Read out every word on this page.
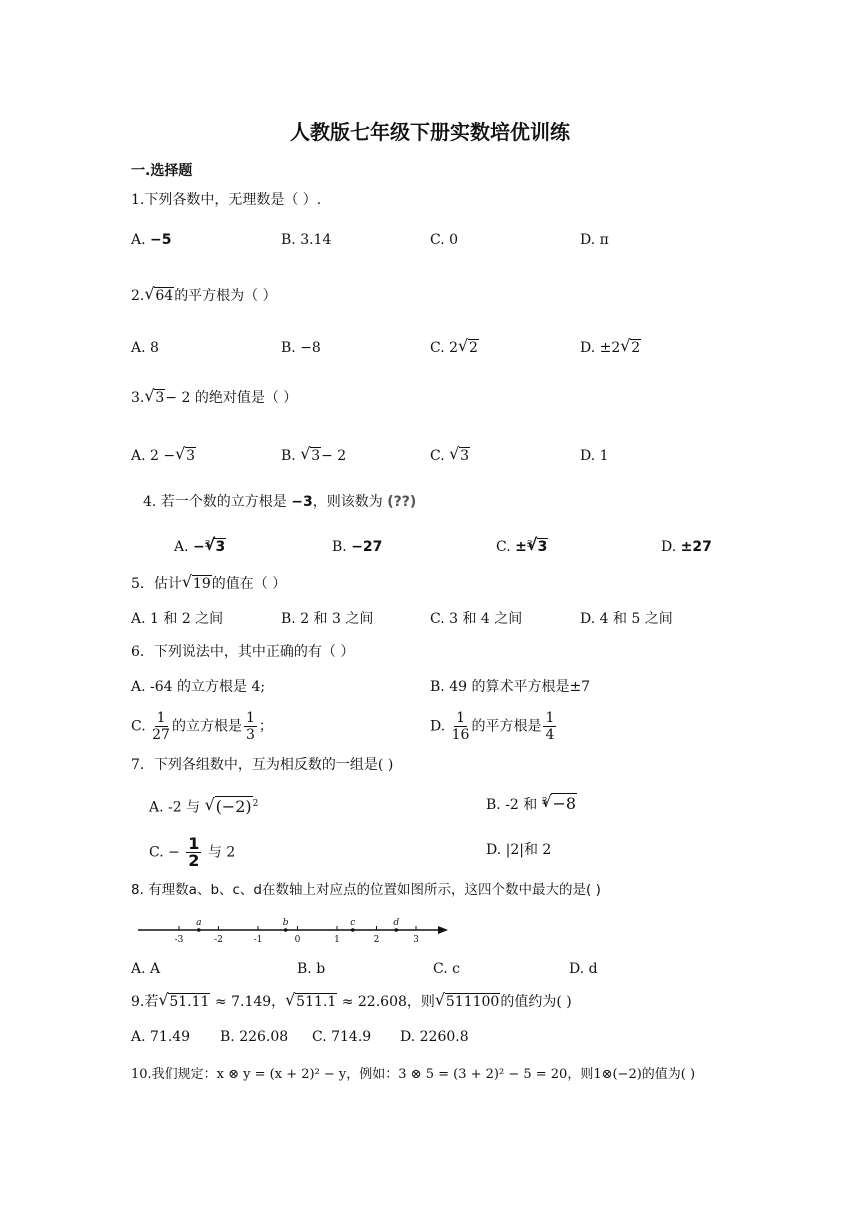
人教版七年级下册实数培优训练
一.选择题
1.下列各数中，无理数是（ ）.
A. −5	B. 3.14	C. 0	D. π
2. √ 64的平方根为（ ）
A. 8	B. −8	C. 2 √ 2	D. ±2 √ 2
3. √ 3− 2 的绝对值是（ ）
A. 2 − √ 3	B. √ 3− 2	C. √ 3	D. 1
4. 若一个数的立方根是 −3，则该数为 (??)
A. −$^3$ √ 3	B. −27	C. ±$^3$ √ 3	D. ±27
5．估计 √ 19的值在（ ）
A. 1 和 2 之间	B. 2 和 3 之间	C. 3 和 4 之间	D. 4 和 5 之间
6．下列说法中，其中正确的有（ ）
A. -64 的立方根是 4;	B. 49 的算术平方根是±7
C. $\frac{1}{27}$ 的立方根是 $\frac{1}{3}$ ；	D. $\frac{1}{16}$ 的平方根是 $\frac{1}{4}$
7．下列各组数中，互为相反数的一组是( )
A. -2 与 √ $(-2)^2$	B. -2 和 $^3$ √ −8
C. − $\frac{1}{2}$ 与 2	D. |2|和 2
8. 有理数a、b、c、d在数轴上对应点的位置如图所示，这四个数中最大的是( )
-3	-2	-1	0	1	2	3
a	b	c	d
A. A	B. b	C. c	D. d
9.若 √ 51.11 ≈ 7.149， √ 511.1 ≈ 22.608，则 √ 511100的值约为( )
A. 71.49 B. 226.08 C. 714.9 D. 2260.8
10.我们规定：x ⊗ y = (x + 2)² − y，例如：3 ⊗ 5 = (3 + 2)² − 5 = 20，则1⊗(−2)的值为( )
